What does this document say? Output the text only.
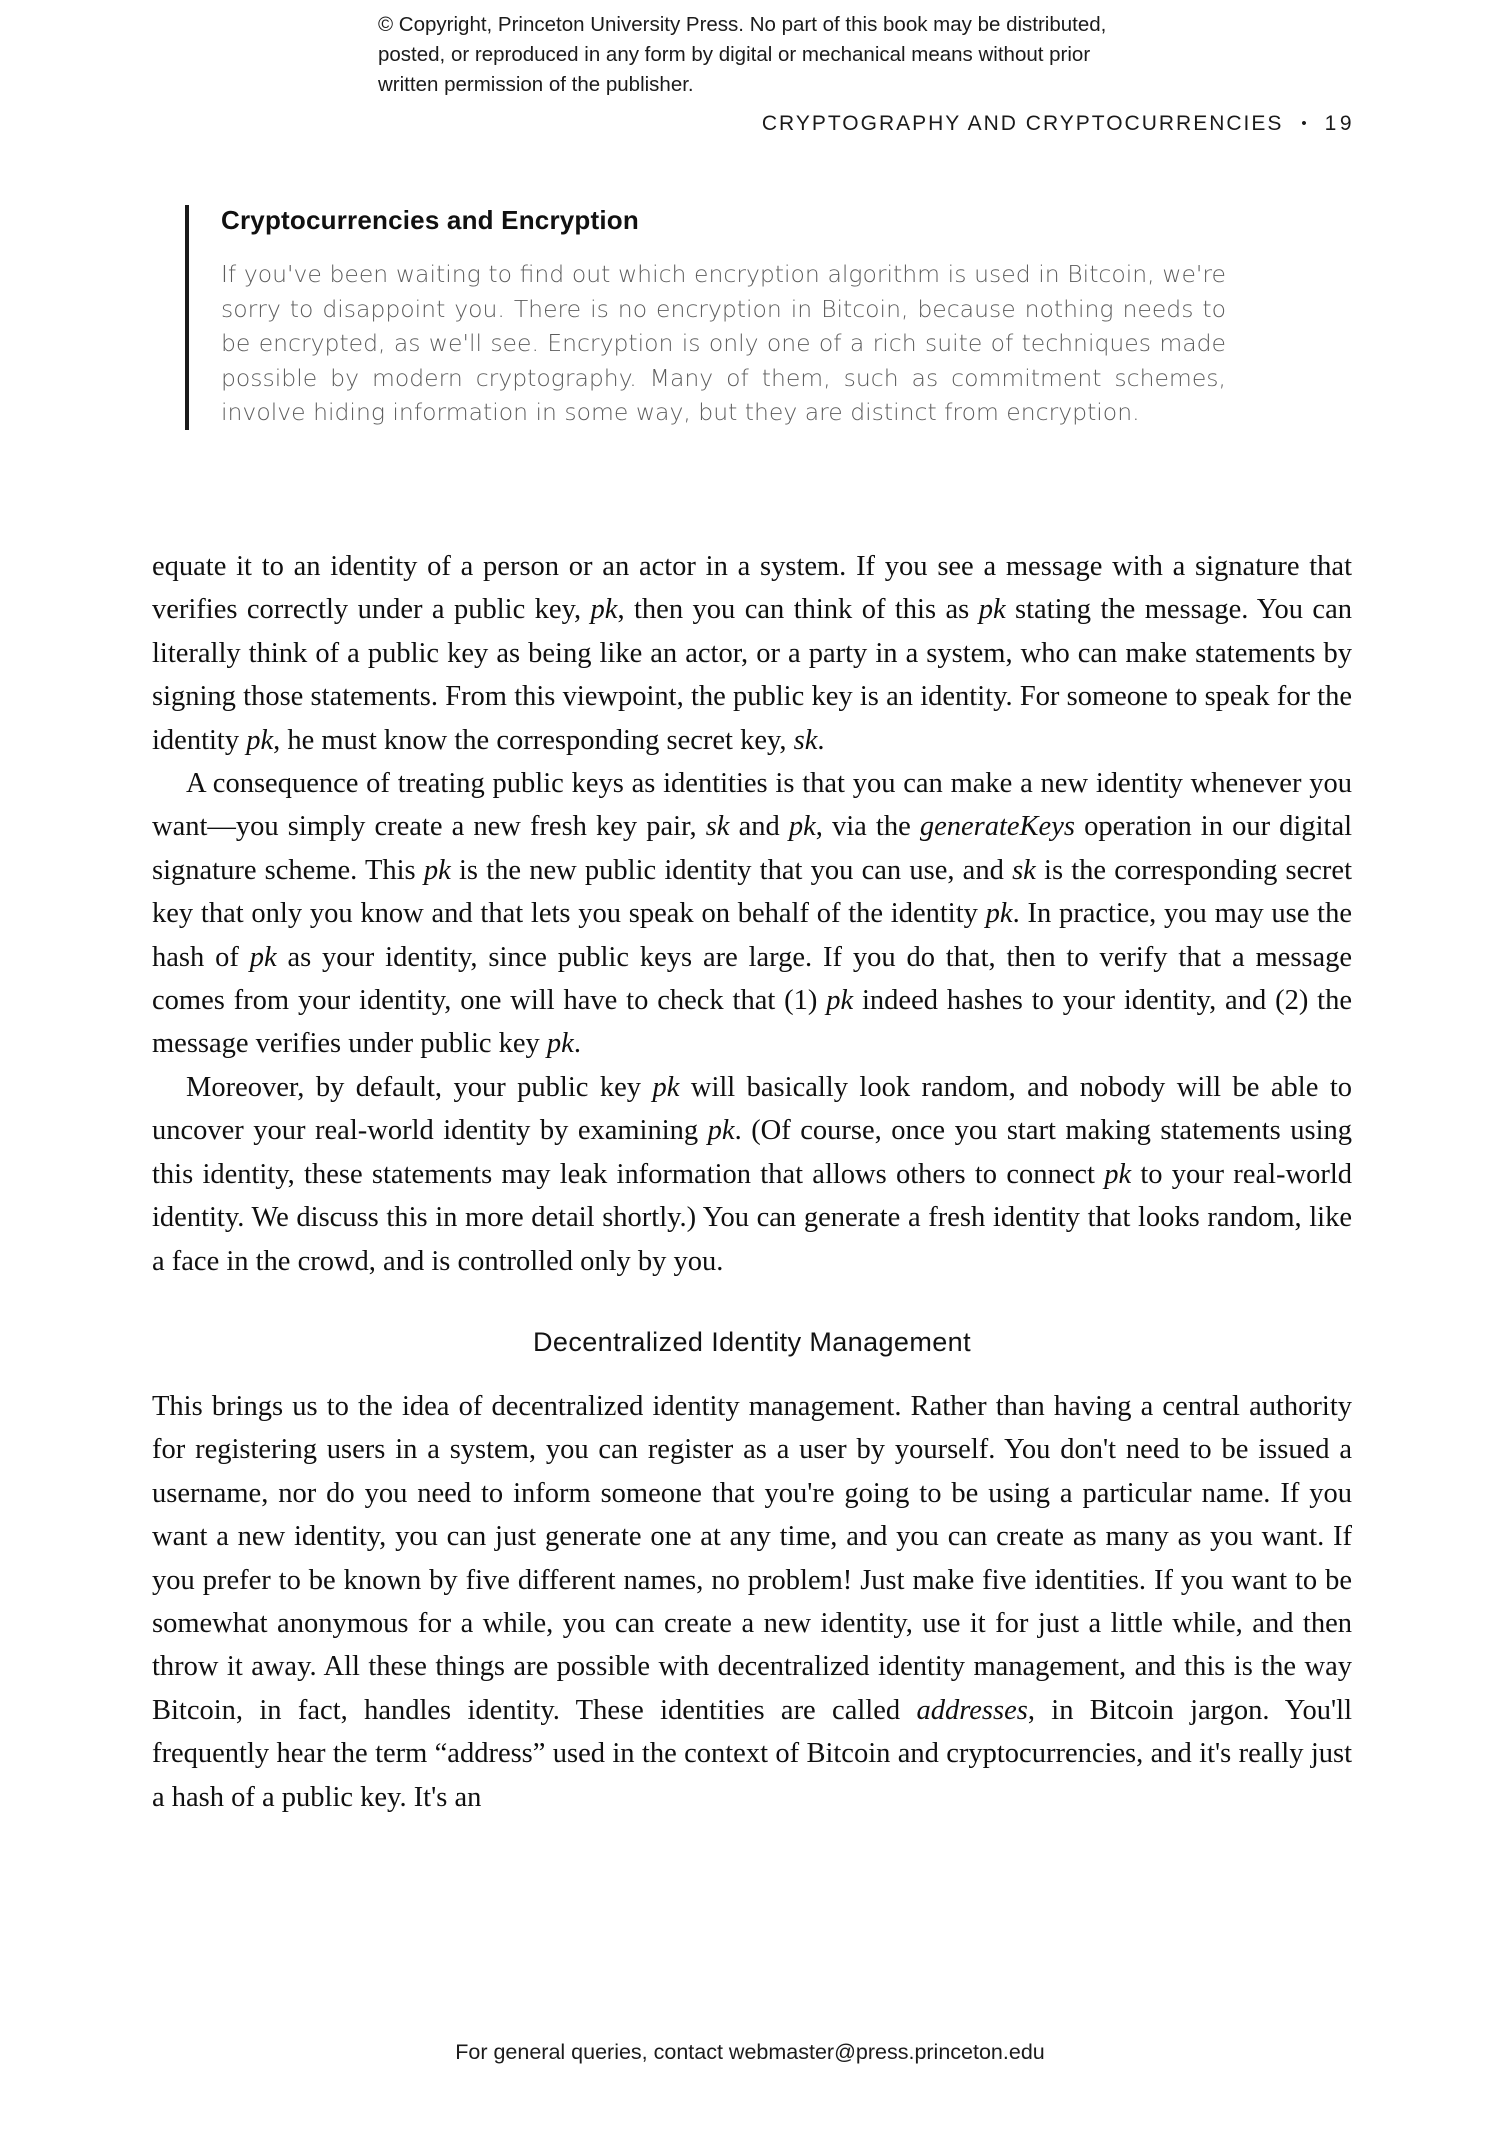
© Copyright, Princeton University Press. No part of this book may be distributed, posted, or reproduced in any form by digital or mechanical means without prior written permission of the publisher.
CRYPTOGRAPHY AND CRYPTOCURRENCIES • 19
Cryptocurrencies and Encryption
If you've been waiting to find out which encryption algorithm is used in Bitcoin, we're sorry to disappoint you. There is no encryption in Bitcoin, because nothing needs to be encrypted, as we'll see. Encryption is only one of a rich suite of techniques made possible by modern cryptography. Many of them, such as commitment schemes, involve hiding information in some way, but they are distinct from encryption.

equate it to an identity of a person or an actor in a system. If you see a message with a signature that verifies correctly under a public key, pk, then you can think of this as pk stating the message. You can literally think of a public key as being like an actor, or a party in a system, who can make statements by signing those statements. From this viewpoint, the public key is an identity. For someone to speak for the identity pk, he must know the corresponding secret key, sk.

A consequence of treating public keys as identities is that you can make a new identity whenever you want—you simply create a new fresh key pair, sk and pk, via the generateKeys operation in our digital signature scheme. This pk is the new public identity that you can use, and sk is the corresponding secret key that only you know and that lets you speak on behalf of the identity pk. In practice, you may use the hash of pk as your identity, since public keys are large. If you do that, then to verify that a message comes from your identity, one will have to check that (1) pk indeed hashes to your identity, and (2) the message verifies under public key pk.

Moreover, by default, your public key pk will basically look random, and nobody will be able to uncover your real-world identity by examining pk. (Of course, once you start making statements using this identity, these statements may leak information that allows others to connect pk to your real-world identity. We discuss this in more detail shortly.) You can generate a fresh identity that looks random, like a face in the crowd, and is controlled only by you.

Decentralized Identity Management

This brings us to the idea of decentralized identity management. Rather than having a central authority for registering users in a system, you can register as a user by yourself. You don't need to be issued a username, nor do you need to inform someone that you're going to be using a particular name. If you want a new identity, you can just generate one at any time, and you can create as many as you want. If you prefer to be known by five different names, no problem! Just make five identities. If you want to be somewhat anonymous for a while, you can create a new identity, use it for just a little while, and then throw it away. All these things are possible with decentralized identity management, and this is the way Bitcoin, in fact, handles identity. These identities are called addresses, in Bitcoin jargon. You'll frequently hear the term “address” used in the context of Bitcoin and cryptocurrencies, and it's really just a hash of a public key. It's an

For general queries, contact webmaster@press.princeton.edu
